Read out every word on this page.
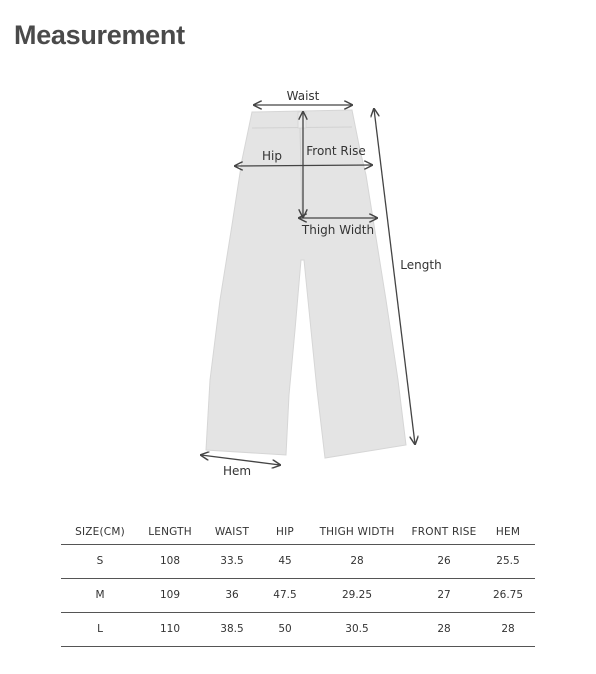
Measurement
Waist
Hip Front Rise
Thigh Width
Length
Hem
SIZE(CM)	LENGTH	WAIST	HIP	THIGH WIDTH	FRONT RISE	HEM
S	108	33.5	45	28	26	25.5
M	109	36	47.5	29.25	27	26.75
L	110	38.5	50	30.5	28	28
